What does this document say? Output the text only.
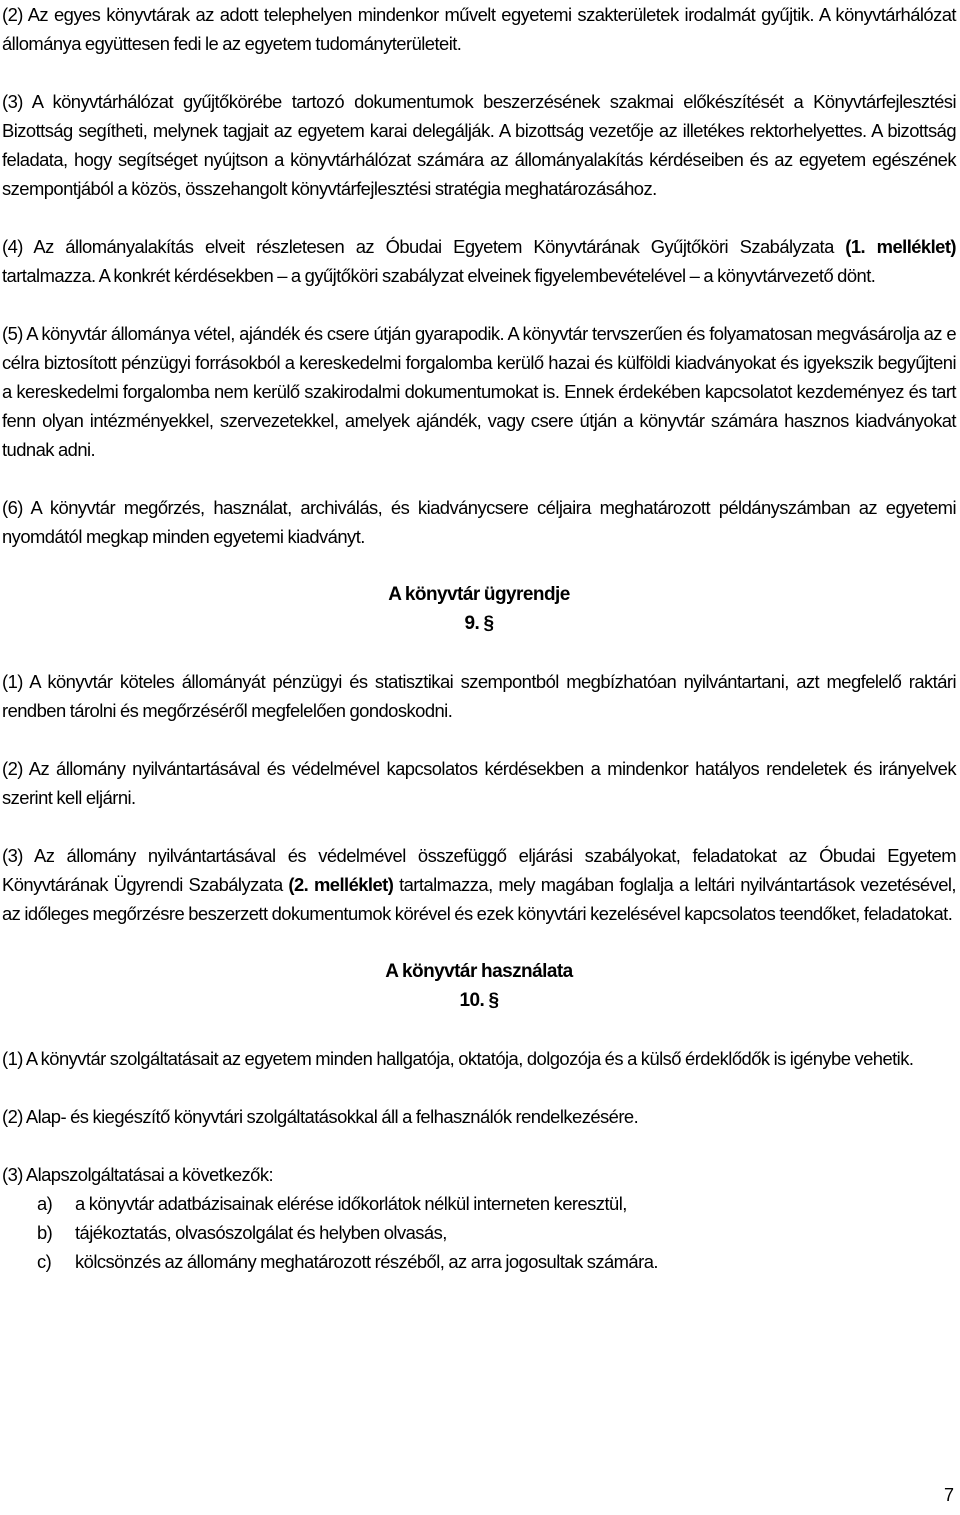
(2) Az egyes könyvtárak az adott telephelyen mindenkor művelt egyetemi szakterületek irodalmát gyűjtik. A könyvtárhálózat állománya együttesen fedi le az egyetem tudományterületeit.

(3) A könyvtárhálózat gyűjtőkörébe tartozó dokumentumok beszerzésének szakmai előkészítését a Könyvtárfejlesztési Bizottság segítheti, melynek tagjait az egyetem karai delegálják. A bizottság vezetője az illetékes rektorhelyettes. A bizottság feladata, hogy segítséget nyújtson a könyvtárhálózat számára az állományalakítás kérdéseiben és az egyetem egészének szempontjából a közös, összehangolt könyvtárfejlesztési stratégia meghatározásához.

(4) Az állományalakítás elveit részletesen az Óbudai Egyetem Könyvtárának Gyűjtőköri Szabályzata (1. melléklet) tartalmazza. A konkrét kérdésekben – a gyűjtőköri szabályzat elveinek figyelembevételével – a könyvtárvezető dönt.

(5) A könyvtár állománya vétel, ajándék és csere útján gyarapodik. A könyvtár tervszerűen és folyamatosan megvásárolja az e célra biztosított pénzügyi forrásokból a kereskedelmi forgalomba kerülő hazai és külföldi kiadványokat és igyekszik begyűjteni a kereskedelmi forgalomba nem kerülő szakirodalmi dokumentumokat is. Ennek érdekében kapcsolatot kezdeményez és tart fenn olyan intézményekkel, szervezetekkel, amelyek ajándék, vagy csere útján a könyvtár számára hasznos kiadványokat tudnak adni.

(6) A könyvtár megőrzés, használat, archiválás, és kiadványcsere céljaira meghatározott példányszámban az egyetemi nyomdától megkap minden egyetemi kiadványt.

A könyvtár ügyrendje
9. §

(1) A könyvtár köteles állományát pénzügyi és statisztikai szempontból megbízhatóan nyilvántartani, azt megfelelő raktári rendben tárolni és megőrzéséről megfelelően gondoskodni.

(2) Az állomány nyilvántartásával és védelmével kapcsolatos kérdésekben a mindenkor hatályos rendeletek és irányelvek szerint kell eljárni.

(3) Az állomány nyilvántartásával és védelmével összefüggő eljárási szabályokat, feladatokat az Óbudai Egyetem Könyvtárának Ügyrendi Szabályzata (2. melléklet) tartalmazza, mely magában foglalja a leltári nyilvántartások vezetésével, az időleges megőrzésre beszerzett dokumentumok körével és ezek könyvtári kezelésével kapcsolatos teendőket, feladatokat.

A könyvtár használata
10. §

(1) A könyvtár szolgáltatásait az egyetem minden hallgatója, oktatója, dolgozója és a külső érdeklődők is igénybe vehetik.

(2) Alap- és kiegészítő könyvtári szolgáltatásokkal áll a felhasználók rendelkezésére.

(3) Alapszolgáltatásai a következők:

a)	a könyvtár adatbázisainak elérése időkorlátok nélkül interneten keresztül,
b)	tájékoztatás, olvasószolgálat és helyben olvasás,
c)	kölcsönzés az állomány meghatározott részéből, az arra jogosultak számára.
7
